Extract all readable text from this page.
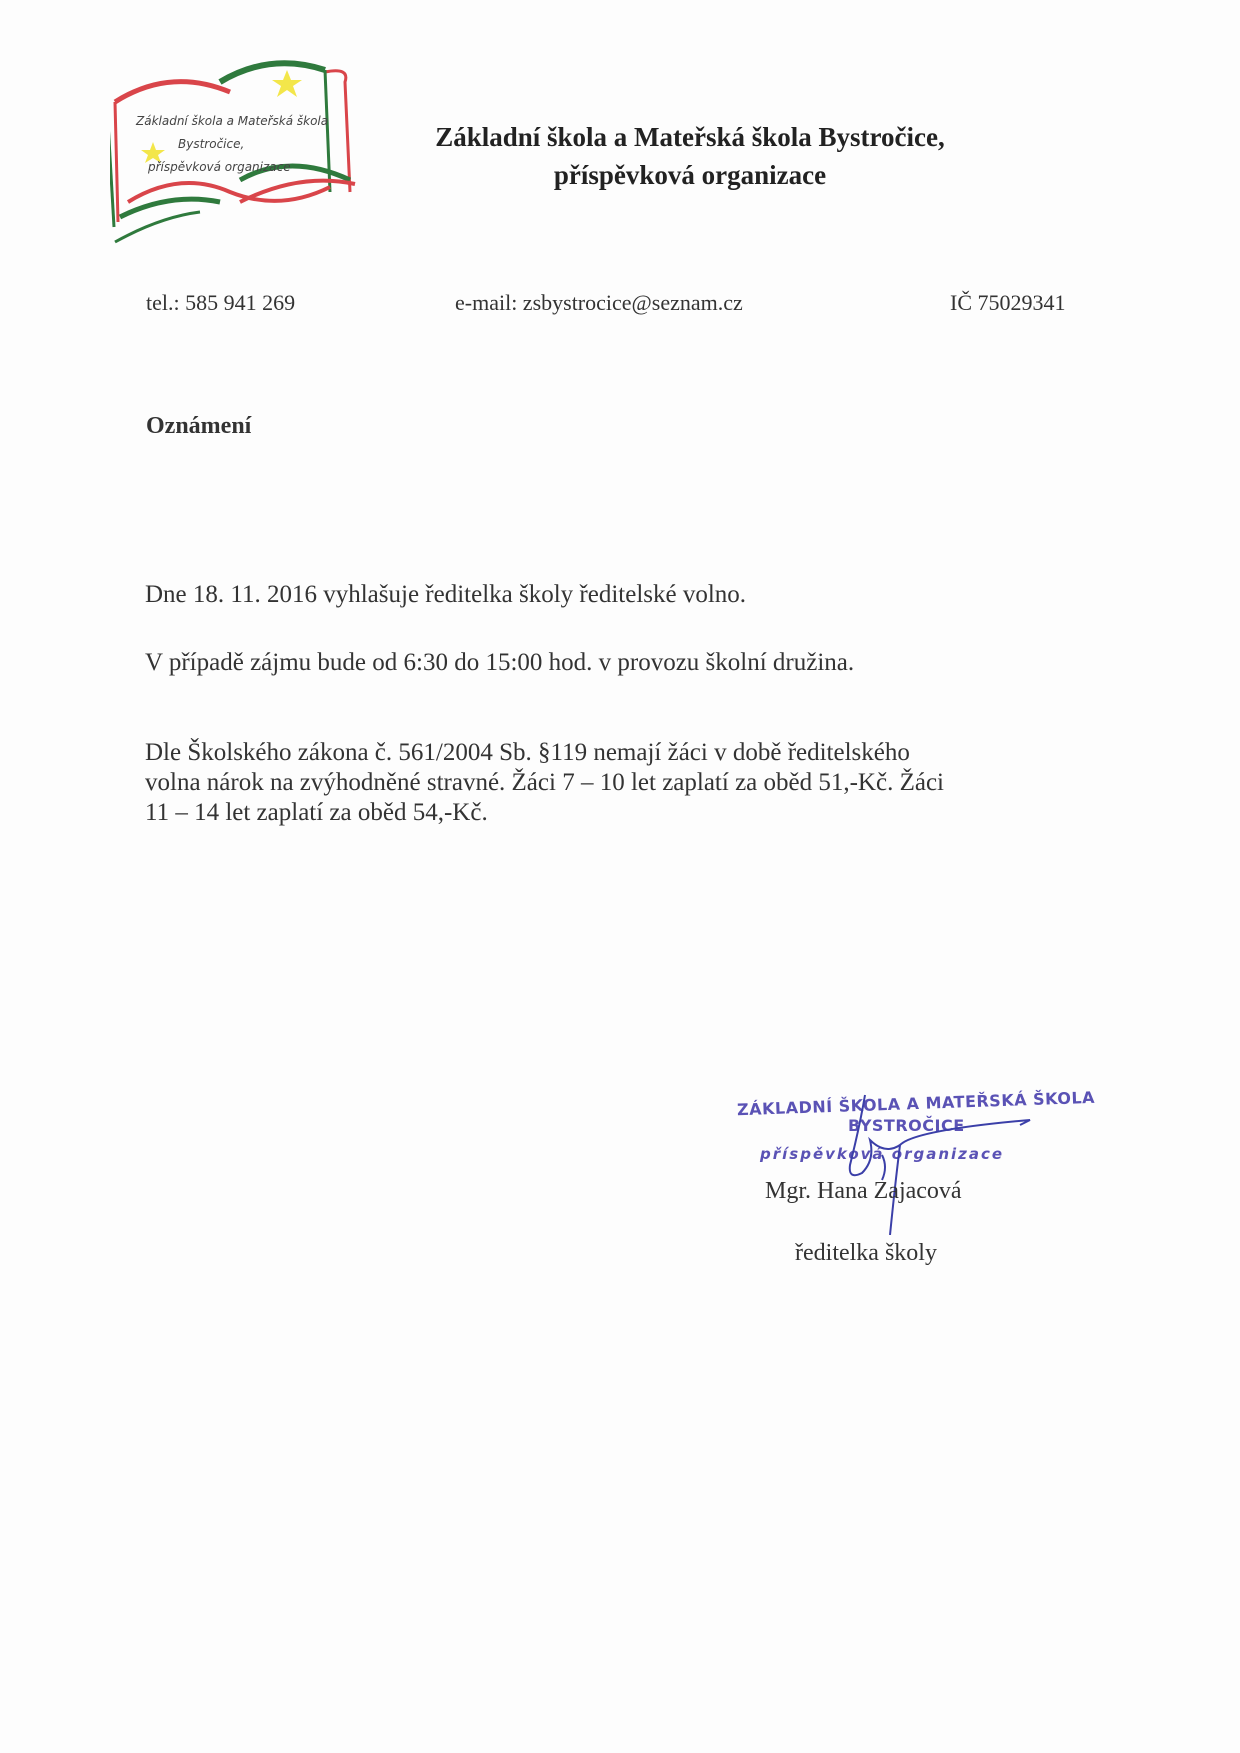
Základní škola a Mateřská škola
Bystročice,
příspěvková organizace
Základní škola a Mateřská škola Bystročice,
příspěvková organizace
tel.: 585 941 269	e-mail: zsbystrocice@seznam.cz	IČ 75029341
Oznámení
Dne 18. 11. 2016 vyhlašuje ředitelka školy ředitelské volno.
V případě zájmu bude od 6:30 do 15:00 hod. v provozu školní družina.
Dle Školského zákona č. 561/2004 Sb. §119 nemají žáci v době ředitelského
volna nárok na zvýhodněné stravné. Žáci 7 – 10 let zaplatí za oběd 51,-Kč. Žáci
11 – 14 let zaplatí za oběd 54,-Kč.
ZÁKLADNÍ ŠKOLA A MATEŘSKÁ ŠKOLA
BYSTROČICE
příspěvková organizace
Mgr. Hana Zajacová
ředitelka školy
